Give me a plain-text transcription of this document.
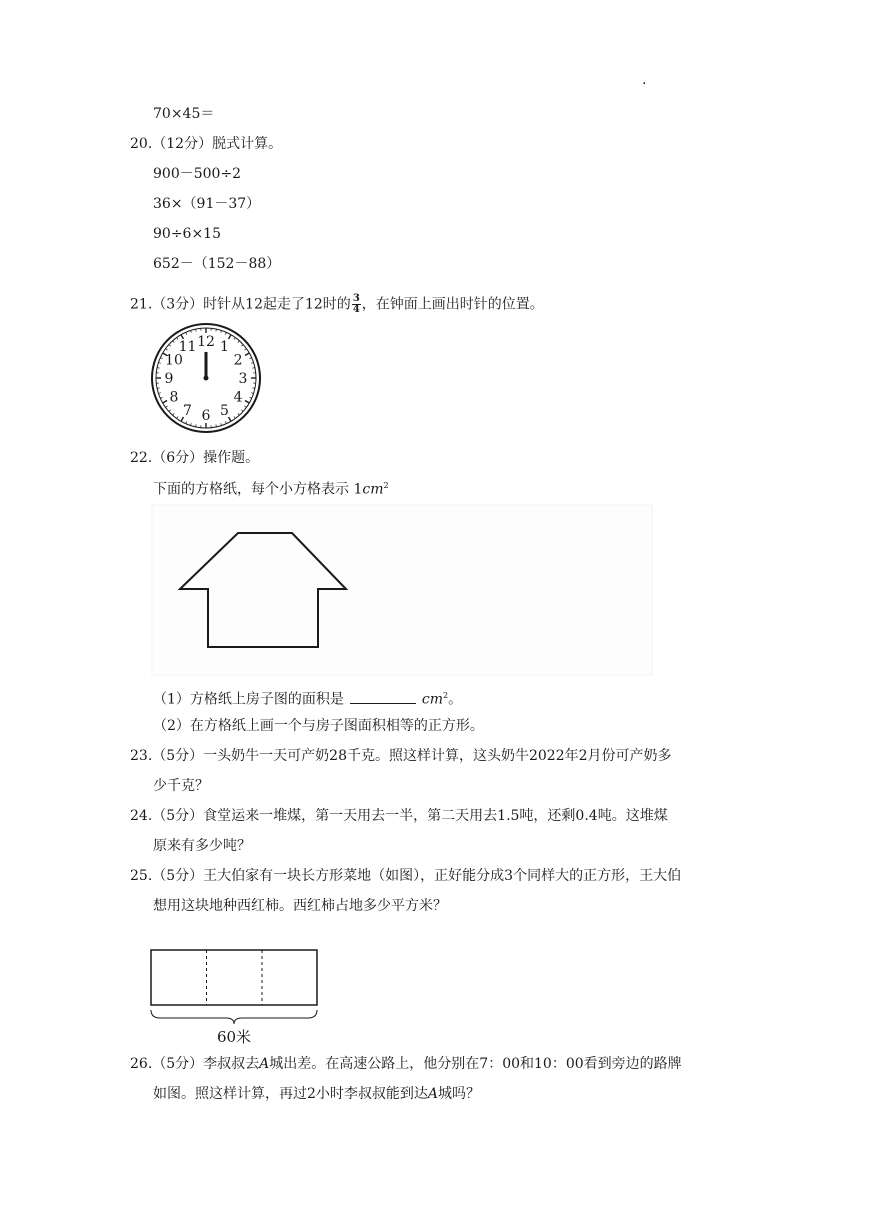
.
70×45＝
20.（12分）脱式计算。
900－500÷2
36×（91－37）
90÷6×15
652－（152－88）
21.（3分）时针从12起走了12时的 $\frac{3}{4}$ ，在钟面上画出时针的位置。
12 1
2
3
4
5
6
7
8
9
10
11
22.（6分）操作题。
下面的方格纸，每个小方格表示 $1cm^2$
（1）方格纸上房子图的面积是	$cm^2$。
（2）在方格纸上画一个与房子图面积相等的正方形。
23.（5分）一头奶牛一天可产奶28千克。照这样计算，这头奶牛2022年2月份可产奶多
少千克？
24.（5分）食堂运来一堆煤，第一天用去一半，第二天用去1.5吨，还剩0.4吨。这堆煤
原来有多少吨？
25.（5分）王大伯家有一块长方形菜地（如图），正好能分成3个同样大的正方形，王大伯
想用这块地种西红柿。西红柿占地多少平方米？
60米
26.（5分）李叔叔去A城出差。在高速公路上，他分别在7：00和10：00看到旁边的路牌
如图。照这样计算，再过2小时李叔叔能到达A城吗？
